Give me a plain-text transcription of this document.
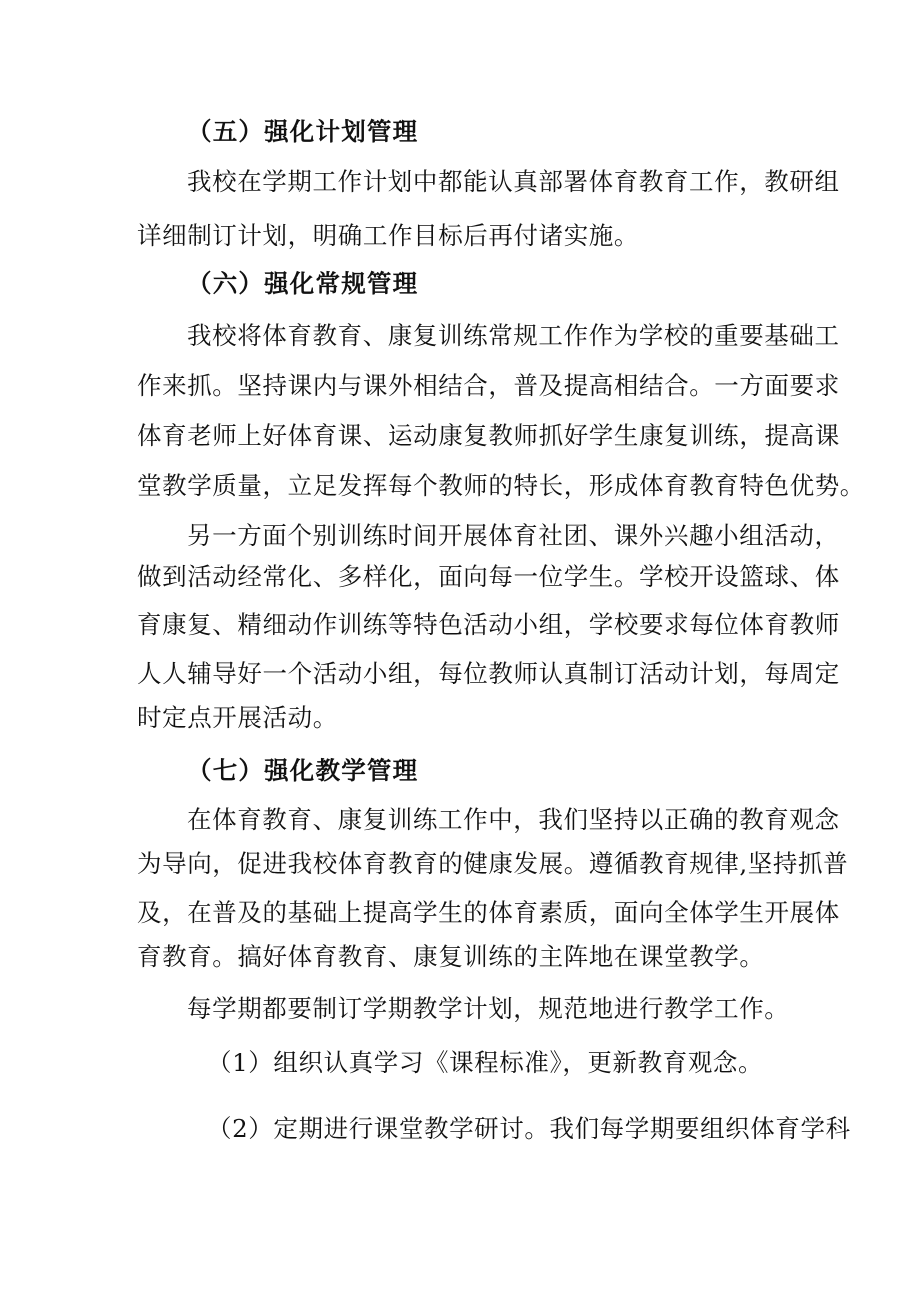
（五）强化计划管理
我校在学期工作计划中都能认真部署体育教育工作，教研组
详细制订计划，明确工作目标后再付诸实施。
（六）强化常规管理
我校将体育教育、康复训练常规工作作为学校的重要基础工
作来抓。坚持课内与课外相结合，普及提高相结合。一方面要求
体育老师上好体育课、运动康复教师抓好学生康复训练，提高课
堂教学质量，立足发挥每个教师的特长，形成体育教育特色优势。
另一方面个别训练时间开展体育社团、课外兴趣小组活动，
做到活动经常化、多样化，面向每一位学生。学校开设篮球、体
育康复、精细动作训练等特色活动小组，学校要求每位体育教师
人人辅导好一个活动小组，每位教师认真制订活动计划，每周定
时定点开展活动。
（七）强化教学管理
在体育教育、康复训练工作中，我们坚持以正确的教育观念
为导向，促进我校体育教育的健康发展。遵循教育规律,坚持抓普
及，在普及的基础上提高学生的体育素质，面向全体学生开展体
育教育。搞好体育教育、康复训练的主阵地在课堂教学。
每学期都要制订学期教学计划，规范地进行教学工作。
（1）组织认真学习《课程标准》，更新教育观念。
（2）定期进行课堂教学研讨。我们每学期要组织体育学科
